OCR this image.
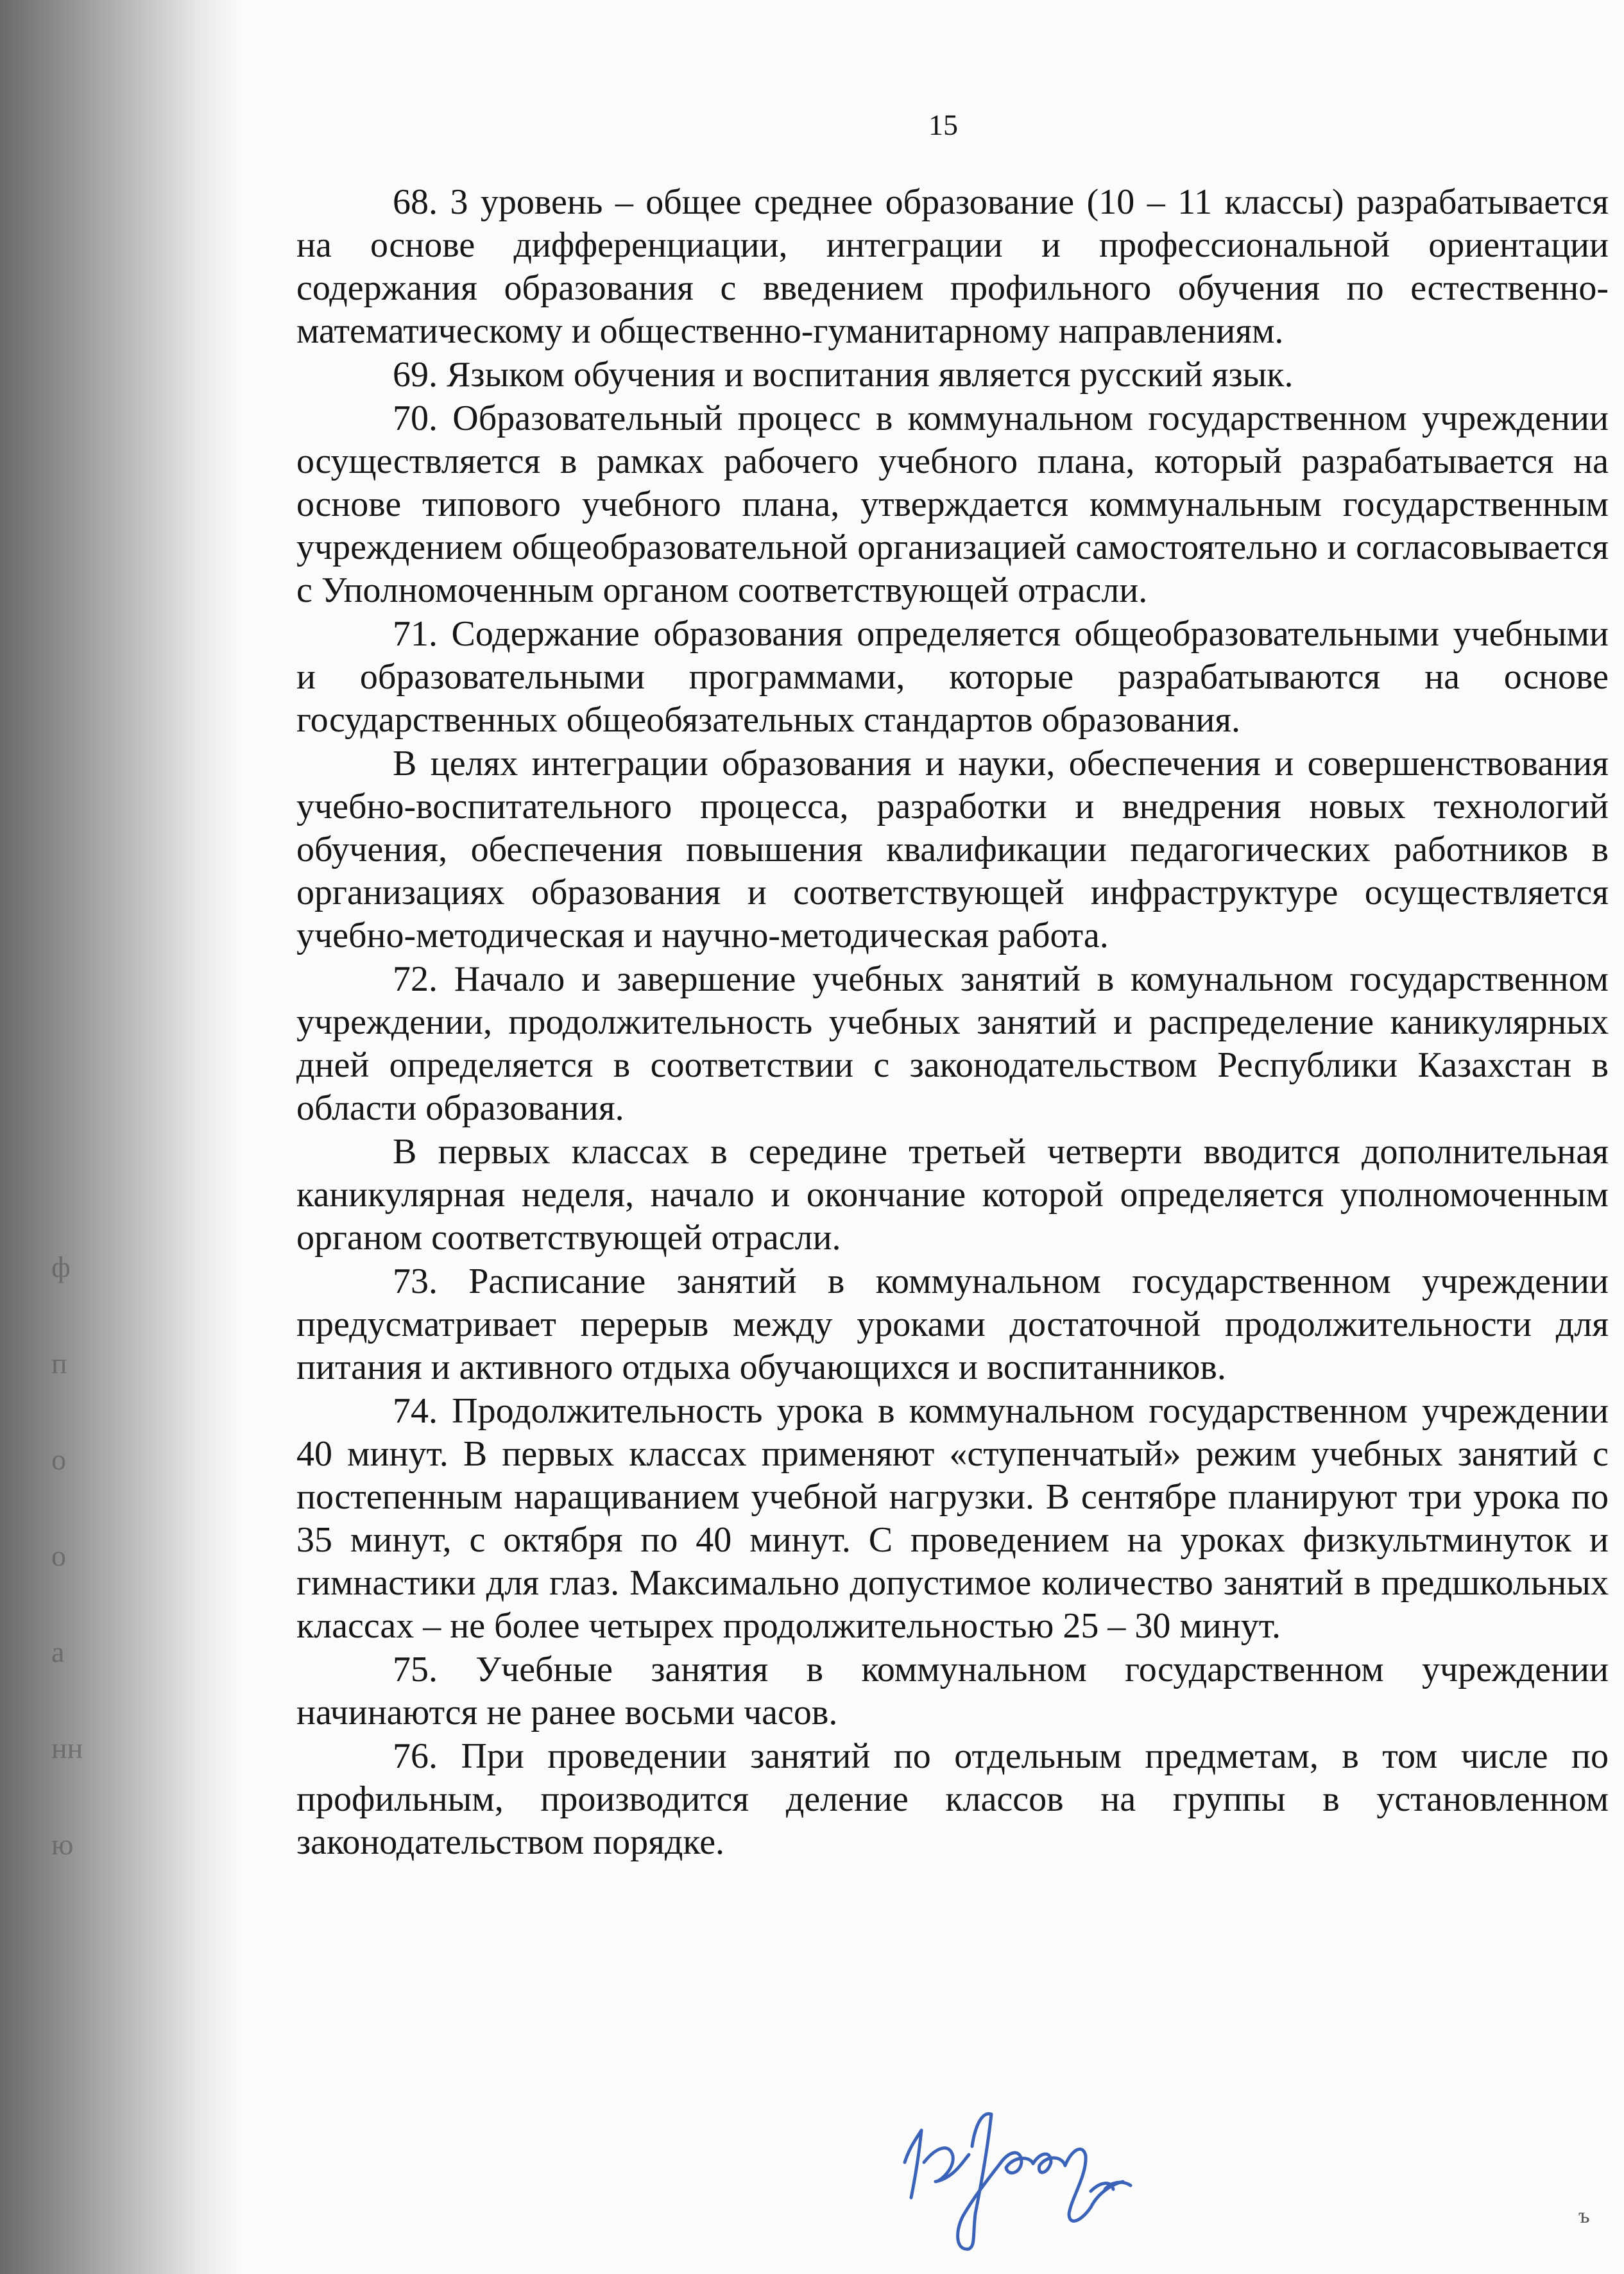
ф
п
о
о
а
нн
ю
15

68. 3 уровень – общее среднее образование (10 – 11 классы) разрабатывается на основе дифференциации, интеграции и профессиональной ориентации содержания образования с введением профильного обучения по естественно-математическому и общественно-гуманитарному направлениям.

69. Языком обучения и воспитания является русский язык.

70. Образовательный процесс в коммунальном государственном учреждении осуществляется в рамках рабочего учебного плана, который разрабатывается на основе типового учебного плана, утверждается коммунальным государственным учреждением общеобразовательной организацией самостоятельно и согласовывается с Уполномоченным органом соответствующей отрасли.

71. Содержание образования определяется общеобразовательными учебными и образовательными программами, которые разрабатываются на основе государственных общеобязательных стандартов образования.

В целях интеграции образования и науки, обеспечения и совершенствования учебно-воспитательного процесса, разработки и внедрения новых технологий обучения, обеспечения повышения квалификации педагогических работников в организациях образования и соответствующей инфраструктуре осуществляется учебно-методическая и научно-методическая работа.

72. Начало и завершение учебных занятий в комунальном государственном учреждении, продолжительность учебных занятий и распределение каникулярных дней определяется в соответствии с законодательством Республики Казахстан в области образования.

В первых классах в середине третьей четверти вводится дополнительная каникулярная неделя, начало и окончание которой определяется уполномоченным органом соответствующей отрасли.

73. Расписание занятий в коммунальном государственном учреждении предусматривает перерыв между уроками достаточной продолжительности для питания и активного отдыха обучающихся и воспитанников.

74. Продолжительность урока в коммунальном государственном учреждении 40 минут. В первых классах применяют «ступенчатый» режим учебных занятий с постепенным наращиванием учебной нагрузки. В сентябре планируют три урока по 35 минут, с октября по 40 минут. С проведением на уроках физкультминуток и гимнастики для глаз. Максимально допустимое количество занятий в предшкольных классах – не более четырех продолжительностью 25 – 30 минут.

75. Учебные занятия в коммунальном государственном учреждении начинаются не ранее восьми часов.

76. При проведении занятий по отдельным предметам, в том числе по профильным, производится деление классов на группы в установленном законодательством порядке.

ъ
